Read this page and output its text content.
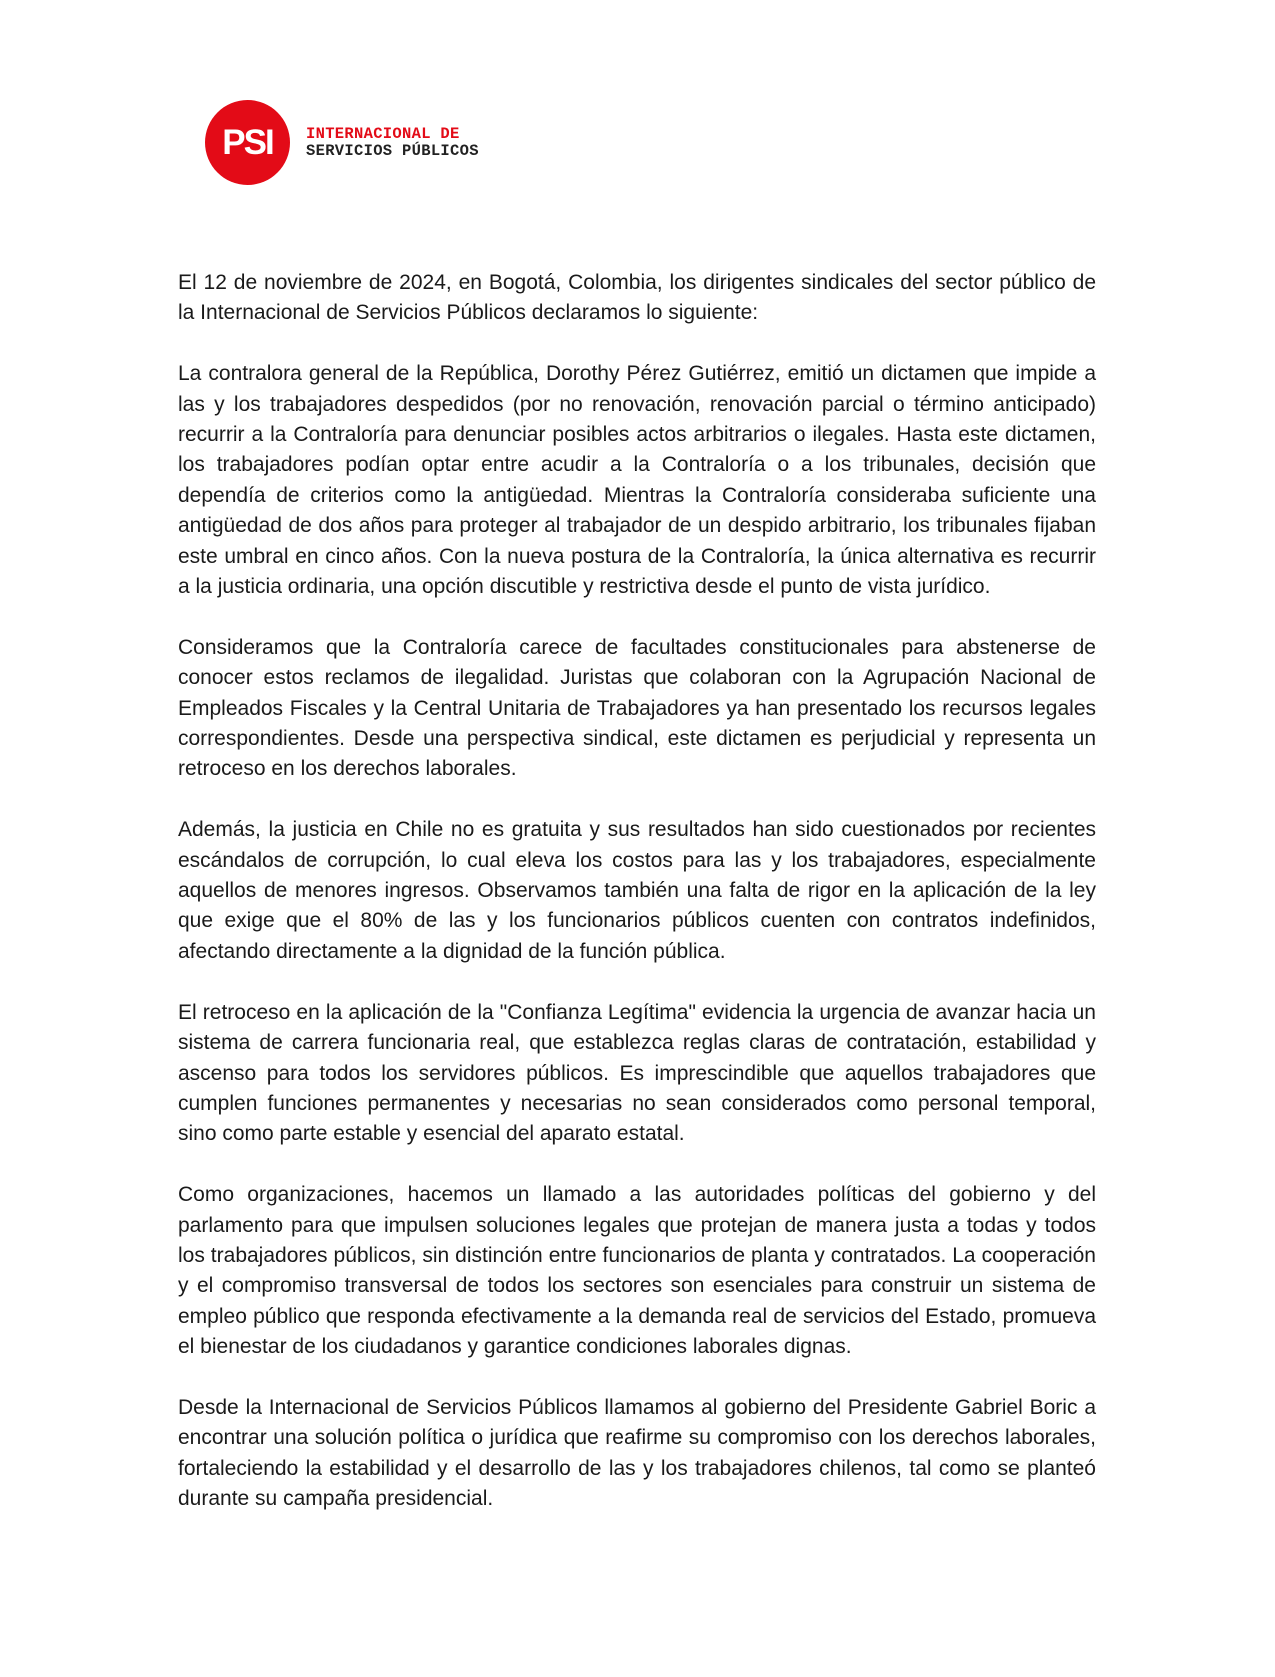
PSI INTERNACIONAL DE
SERVICIOS PÚBLICOS

El 12 de noviembre de 2024, en Bogotá, Colombia, los dirigentes sindicales del sector público de la Internacional de Servicios Públicos declaramos lo siguiente:

La contralora general de la República, Dorothy Pérez Gutiérrez, emitió un dictamen que impide a las y los trabajadores despedidos (por no renovación, renovación parcial o término anticipado) recurrir a la Contraloría para denunciar posibles actos arbitrarios o ilegales. Hasta este dictamen, los trabajadores podían optar entre acudir a la Contraloría o a los tribunales, decisión que dependía de criterios como la antigüedad. Mientras la Contraloría consideraba suficiente una antigüedad de dos años para proteger al trabajador de un despido arbitrario, los tribunales fijaban este umbral en cinco años. Con la nueva postura de la Contraloría, la única alternativa es recurrir a la justicia ordinaria, una opción discutible y restrictiva desde el punto de vista jurídico.

Consideramos que la Contraloría carece de facultades constitucionales para abstenerse de conocer estos reclamos de ilegalidad. Juristas que colaboran con la Agrupación Nacional de Empleados Fiscales y la Central Unitaria de Trabajadores ya han presentado los recursos legales correspondientes. Desde una perspectiva sindical, este dictamen es perjudicial y representa un retroceso en los derechos laborales.

Además, la justicia en Chile no es gratuita y sus resultados han sido cuestionados por recientes escándalos de corrupción, lo cual eleva los costos para las y los trabajadores, especialmente aquellos de menores ingresos. Observamos también una falta de rigor en la aplicación de la ley que exige que el 80% de las y los funcionarios públicos cuenten con contratos indefinidos, afectando directamente a la dignidad de la función pública.

El retroceso en la aplicación de la "Confianza Legítima" evidencia la urgencia de avanzar hacia un sistema de carrera funcionaria real, que establezca reglas claras de contratación, estabilidad y ascenso para todos los servidores públicos. Es imprescindible que aquellos trabajadores que cumplen funciones permanentes y necesarias no sean considerados como personal temporal, sino como parte estable y esencial del aparato estatal.

Como organizaciones, hacemos un llamado a las autoridades políticas del gobierno y del parlamento para que impulsen soluciones legales que protejan de manera justa a todas y todos los trabajadores públicos, sin distinción entre funcionarios de planta y contratados. La cooperación y el compromiso transversal de todos los sectores son esenciales para construir un sistema de empleo público que responda efectivamente a la demanda real de servicios del Estado, promueva el bienestar de los ciudadanos y garantice condiciones laborales dignas.

Desde la Internacional de Servicios Públicos llamamos al gobierno del Presidente Gabriel Boric a encontrar una solución política o jurídica que reafirme su compromiso con los derechos laborales, fortaleciendo la estabilidad y el desarrollo de las y los trabajadores chilenos, tal como se planteó durante su campaña presidencial.
